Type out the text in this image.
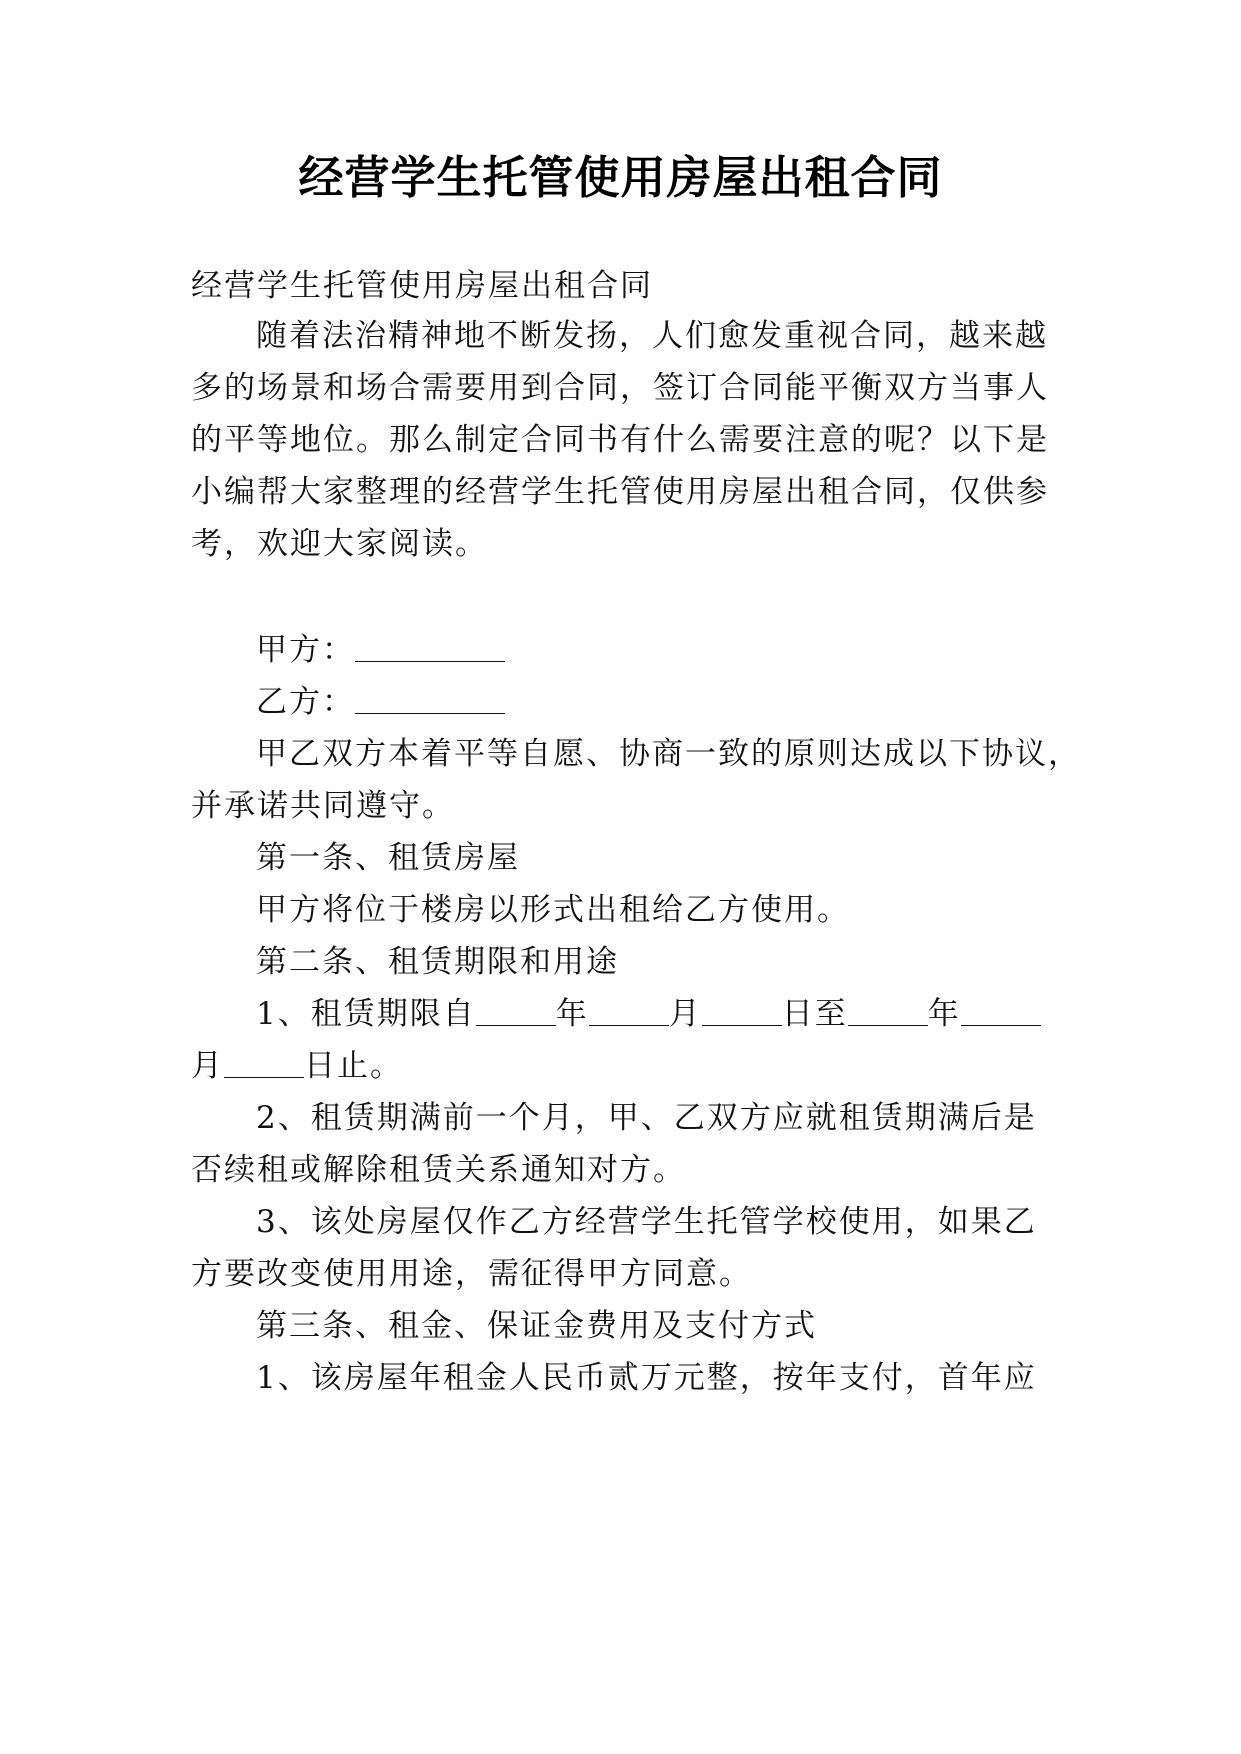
经营学生托管使用房屋出租合同
经营学生托管使用房屋出租合同
随着法治精神地不断发扬，人们愈发重视合同，越来越
多的场景和场合需要用到合同，签订合同能平衡双方当事人
的平等地位。那么制定合同书有什么需要注意的呢？以下是
小编帮大家整理的经营学生托管使用房屋出租合同，仅供参
考，欢迎大家阅读。
甲方：
乙方：
甲乙双方本着平等自愿、协商一致的原则达成以下协议，
并承诺共同遵守。
第一条、租赁房屋
甲方将位于楼房以形式出租给乙方使用。
第二条、租赁期限和用途
1、租赁期限自	年	月	日至	年
月	日止。
2、租赁期满前一个月，甲、乙双方应就租赁期满后是
否续租或解除租赁关系通知对方。
3、该处房屋仅作乙方经营学生托管学校使用，如果乙
方要改变使用用途，需征得甲方同意。
第三条、租金、保证金费用及支付方式
1、该房屋年租金人民币贰万元整，按年支付，首年应
